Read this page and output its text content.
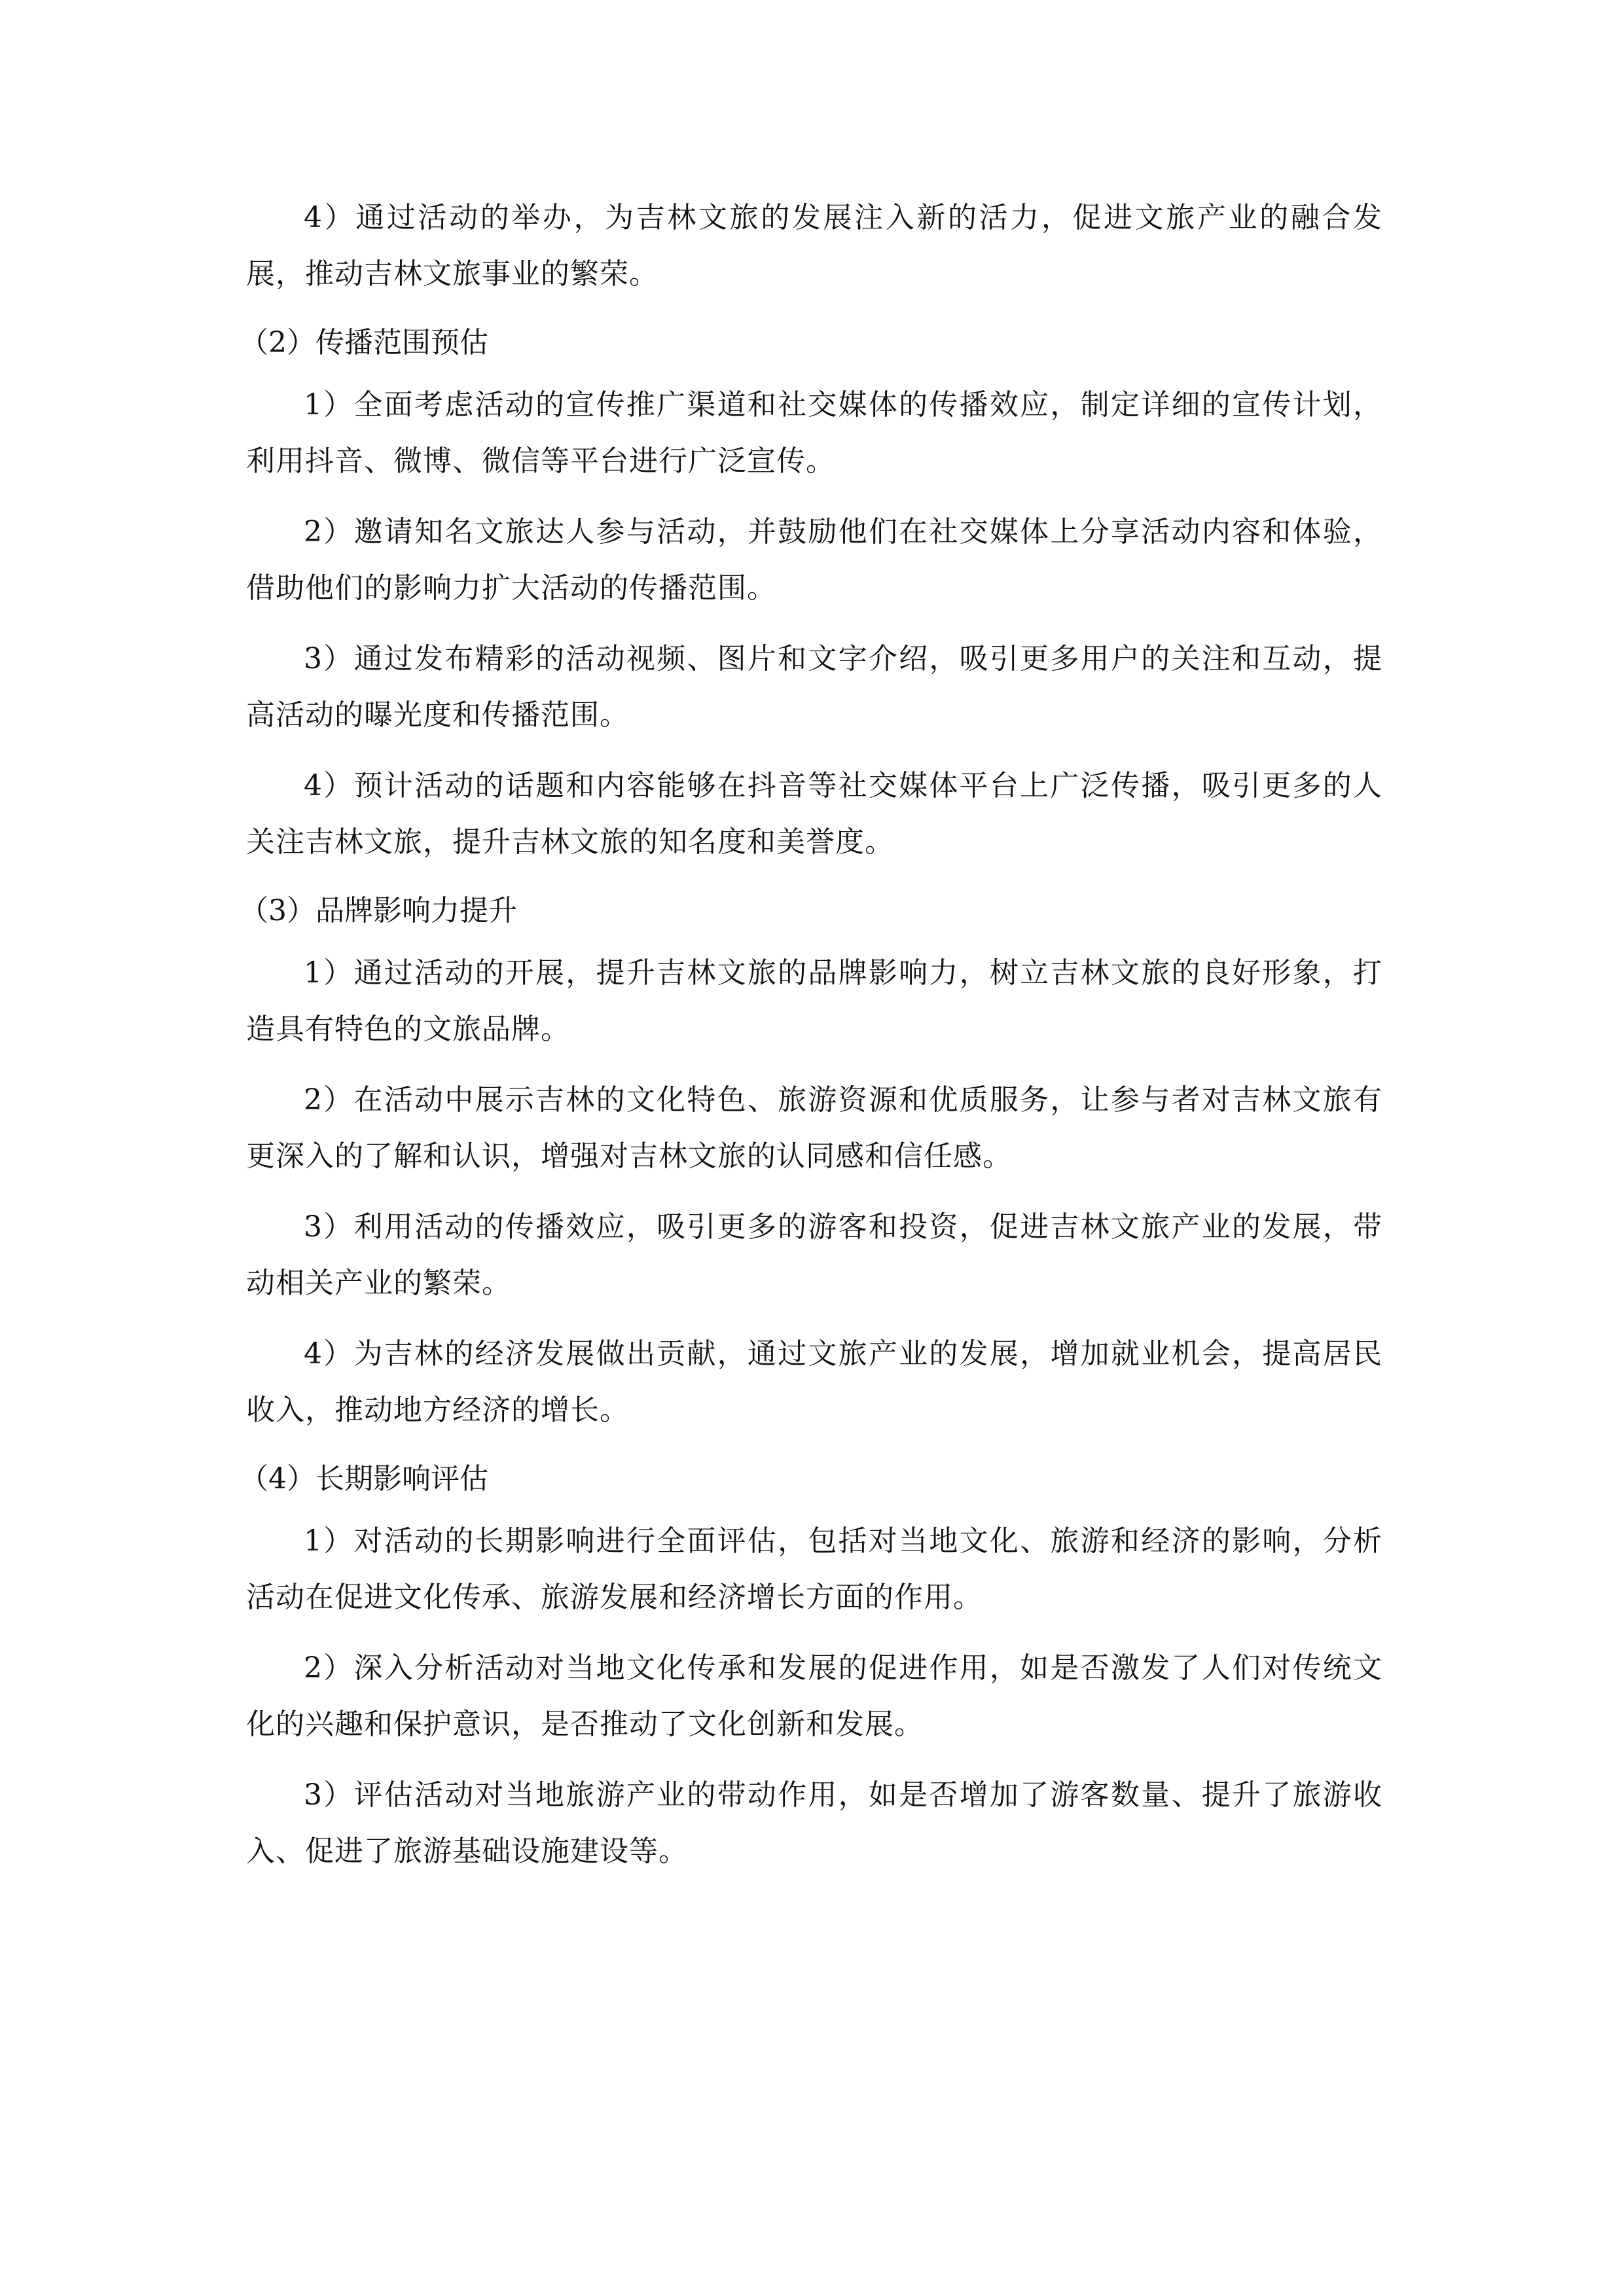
4）通过活动的举办，为吉林文旅的发展注入新的活力，促进文旅产业的融合发展，推动吉林文旅事业的繁荣。

（2）传播范围预估

1）全面考虑活动的宣传推广渠道和社交媒体的传播效应，制定详细的宣传计划，利用抖音、微博、微信等平台进行广泛宣传。

2）邀请知名文旅达人参与活动，并鼓励他们在社交媒体上分享活动内容和体验，借助他们的影响力扩大活动的传播范围。

3）通过发布精彩的活动视频、图片和文字介绍，吸引更多用户的关注和互动，提高活动的曝光度和传播范围。

4）预计活动的话题和内容能够在抖音等社交媒体平台上广泛传播，吸引更多的人关注吉林文旅，提升吉林文旅的知名度和美誉度。

（3）品牌影响力提升

1）通过活动的开展，提升吉林文旅的品牌影响力，树立吉林文旅的良好形象，打造具有特色的文旅品牌。

2）在活动中展示吉林的文化特色、旅游资源和优质服务，让参与者对吉林文旅有更深入的了解和认识，增强对吉林文旅的认同感和信任感。

3）利用活动的传播效应，吸引更多的游客和投资，促进吉林文旅产业的发展，带动相关产业的繁荣。

4）为吉林的经济发展做出贡献，通过文旅产业的发展，增加就业机会，提高居民收入，推动地方经济的增长。

（4）长期影响评估

1）对活动的长期影响进行全面评估，包括对当地文化、旅游和经济的影响，分析活动在促进文化传承、旅游发展和经济增长方面的作用。

2）深入分析活动对当地文化传承和发展的促进作用，如是否激发了人们对传统文化的兴趣和保护意识，是否推动了文化创新和发展。

3）评估活动对当地旅游产业的带动作用，如是否增加了游客数量、提升了旅游收入、促进了旅游基础设施建设等。
